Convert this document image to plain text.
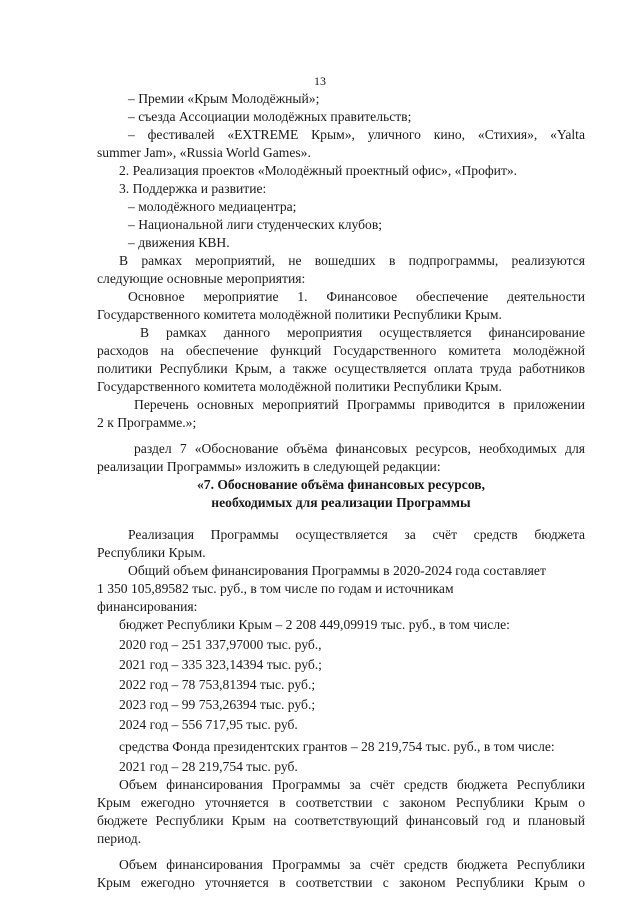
13
– Премии «Крым Молодёжный»;
– съезда Ассоциации молодёжных правительств;
– фестивалей «EXTREME Крым», уличного кино, «Стихия», «Yalta
summer Jam», «Russia World Games».
2. Реализация проектов «Молодёжный проектный офис», «Профит».
3. Поддержка и развитие:
– молодёжного медиацентра;
– Национальной лиги студенческих клубов;
– движения КВН.
В рамках мероприятий, не вошедших в подпрограммы, реализуются
следующие основные мероприятия:
Основное мероприятие 1. Финансовое обеспечение деятельности
Государственного комитета молодёжной политики Республики Крым.
В рамках данного мероприятия осуществляется финансирование
расходов на обеспечение функций Государственного комитета молодёжной
политики Республики Крым, а также осуществляется оплата труда работников
Государственного комитета молодёжной политики Республики Крым.
Перечень основных мероприятий Программы приводится в приложении
2 к Программе.»;
раздел 7 «Обоснование объёма финансовых ресурсов, необходимых для
реализации Программы» изложить в следующей редакции:
«7. Обоснование объёма финансовых ресурсов,
необходимых для реализации Программы
Реализация Программы осуществляется за счёт средств бюджета
Республики Крым.
Общий объем финансирования Программы в 2020-2024 года составляет
1 350 105,89582 тыс. руб., в том числе по годам и источникам
финансирования:
бюджет Республики Крым – 2 208 449,09919 тыс. руб., в том числе:
2020 год – 251 337,97000 тыс. руб.,
2021 год – 335 323,14394 тыс. руб.;
2022 год – 78 753,81394 тыс. руб.;
2023 год – 99 753,26394 тыс. руб.;
2024 год – 556 717,95 тыс. руб.
средства Фонда президентских грантов – 28 219,754 тыс. руб., в том числе:
2021 год – 28 219,754 тыс. руб.
Объем финансирования Программы за счёт средств бюджета Республики
Крым ежегодно уточняется в соответствии с законом Республики Крым о
бюджете Республики Крым на соответствующий финансовый год и плановый
период.
Объем финансирования Программы за счёт средств бюджета Республики
Крым ежегодно уточняется в соответствии с законом Республики Крым о
